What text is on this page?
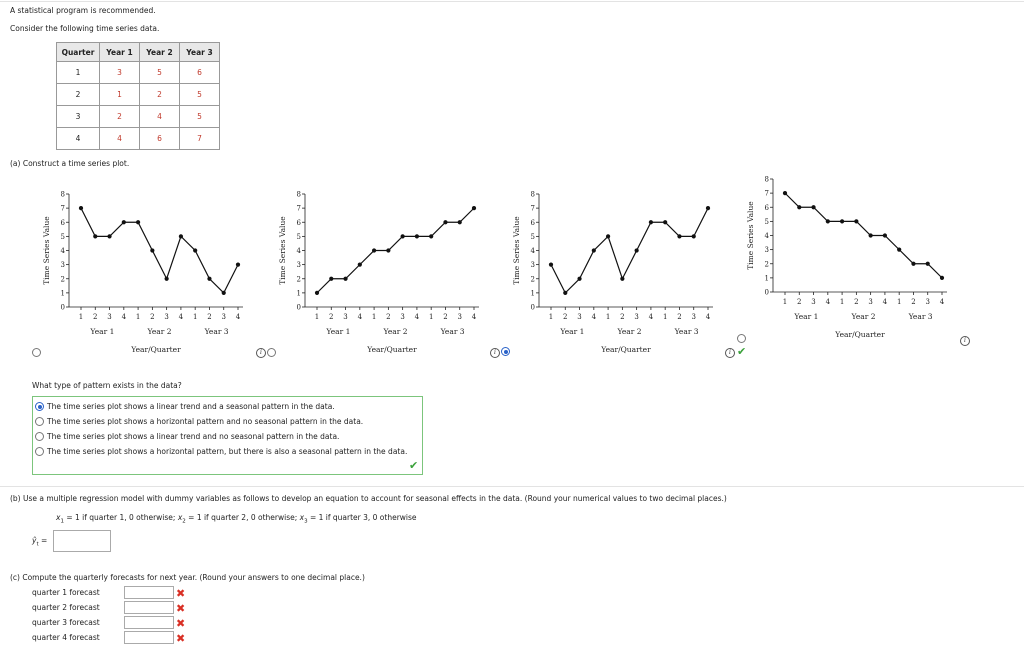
A statistical program is recommended.
Consider the following time series data.
Quarter	Year 1	Year 2	Year 3
1	3	5	6
2	1	2	5
3	2	4	5
4	4	6	7
(a) Construct a time series plot.
0
1
2
3
4
5
6
7
8
1 2 3 4 1 2 3 4 1 2 3 4
Year 1	Year 2	Year 3
Year/Quarter
Time Series Value
0
1
2
3
4
5
6
7
8
1 2 3 4 1 2 3 4 1 2 3 4
Year 1	Year 2	Year 3
Year/Quarter
Time Series Value
0
1
2
3
4
5
6
7
8
1 2 3 4 1 2 3 4 1 2 3 4
Year 1	Year 2	Year 3
Year/Quarter
Time Series Value
0
1
2
3
4
5
6
7
8
1 2 3 4 1 2 3 4 1 2 3 4
Year 1	Year 2	Year 3
Year/Quarter
Time Series Value
i	i	i ✔
i
What type of pattern exists in the data?
The time series plot shows a linear trend and a seasonal pattern in the data.
The time series plot shows a horizontal pattern and no seasonal pattern in the data.
The time series plot shows a linear trend and no seasonal pattern in the data.
The time series plot shows a horizontal pattern, but there is also a seasonal pattern in the data.
✔
(b) Use a multiple regression model with dummy variables as follows to develop an equation to account for seasonal effects in the data. (Round your numerical values to two decimal places.)
$x_1 = 1$ if quarter 1, 0 otherwise; $x_2 = 1$ if quarter 2, 0 otherwise; $x_3 = 1$ if quarter 3, 0 otherwise
$ŷ_t$ =
(c) Compute the quarterly forecasts for next year. (Round your answers to one decimal place.)
quarter 1 forecast	✖
quarter 2 forecast	✖
quarter 3 forecast	✖
quarter 4 forecast	✖
